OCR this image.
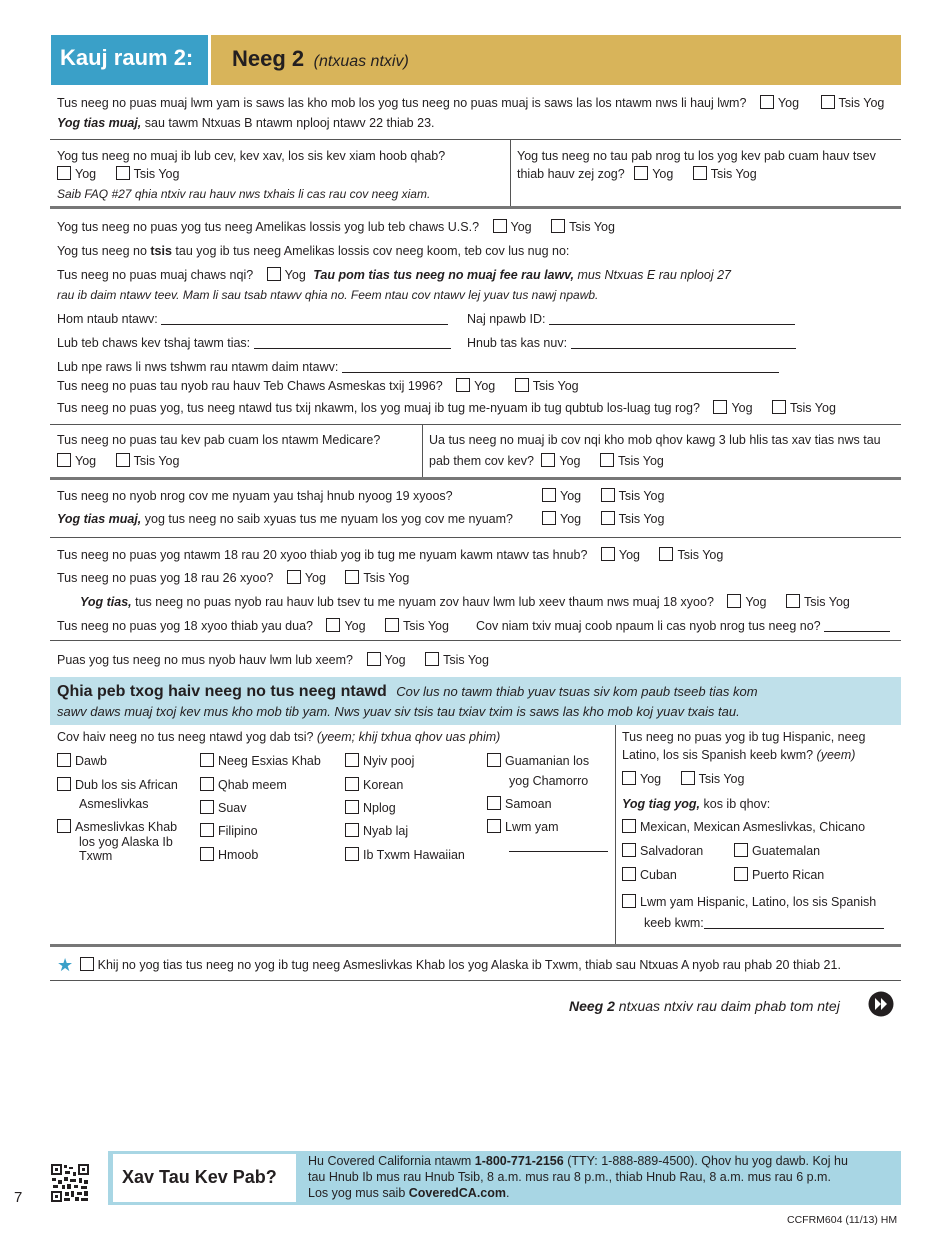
Kauj raum 2: Neeg 2 (ntxuas ntxiv)
Tus neeg no puas muaj lwm yam is saws las kho mob los yog tus neeg no puas muaj is saws las los ntawm nws li hauj lwm?	Yog	Tsis Yog
Yog tias muaj, sau tawm Ntxuas B ntawm nplooj ntawv 22 thiab 23.
Yog tus neeg no muaj ib lub cev, kev xav, los sis kev xiam hoob qhab?
Yog	Tsis Yog
Saib FAQ #27 qhia ntxiv rau hauv nws txhais li cas rau cov neeg xiam.
Yog tus neeg no tau pab nrog tu los yog kev pab cuam hauv tsev
thiab hauv zej zog? Yog	Tsis Yog
Yog tus neeg no puas yog tus neeg Amelikas lossis yog lub teb chaws U.S.?	Yog	Tsis Yog
Yog tus neeg no tsis tau yog ib tus neeg Amelikas lossis cov neeg koom, teb cov lus nug no:
Tus neeg no puas muaj chaws nqi?	Yog Tau pom tias tus neeg no muaj fee rau lawv, mus Ntxuas E rau nplooj 27
rau ib daim ntawv teev. Mam li sau tsab ntawv qhia no. Feem ntau cov ntawv lej yuav tus nawj npawb.
Hom ntaub ntawv:	Naj npawb ID:
Lub teb chaws kev tshaj tawm tias:	Hnub tas kas nuv:
Lub npe raws li nws tshwm rau ntawm daim ntawv:
Tus neeg no puas tau nyob rau hauv Teb Chaws Asmeskas txij 1996?	Yog	Tsis Yog
Tus neeg no puas yog, tus neeg ntawd tus txij nkawm, los yog muaj ib tug me-nyuam ib tug qubtub los-luag tug rog?	Yog	Tsis Yog
Tus neeg no puas tau kev pab cuam los ntawm Medicare?
Yog	Tsis Yog
Ua tus neeg no muaj ib cov nqi kho mob qhov kawg 3 lub hlis tas xav tias nws tau
pab them cov kev? Yog	Tsis Yog
Tus neeg no nyob nrog cov me nyuam yau tshaj hnub nyoog 19 xyoos?	Yog	Tsis Yog
Yog tias muaj, yog tus neeg no saib xyuas tus me nyuam los yog cov me nyuam?	Yog	Tsis Yog
Tus neeg no puas yog ntawm 18 rau 20 xyoo thiab yog ib tug me nyuam kawm ntawv tas hnub?	Yog	Tsis Yog
Tus neeg no puas yog 18 rau 26 xyoo?	Yog	Tsis Yog
Yog tias, tus neeg no puas nyob rau hauv lub tsev tu me nyuam zov hauv lwm lub xeev thaum nws muaj 18 xyoo?	Yog	Tsis Yog
Tus neeg no puas yog 18 xyoo thiab yau dua?	Yog	Tsis Yog Cov niam txiv muaj coob npaum li cas nyob nrog tus neeg no?
Puas yog tus neeg no mus nyob hauv lwm lub xeem?	Yog	Tsis Yog
Qhia peb txog haiv neeg no tus neeg ntawd Cov lus no tawm thiab yuav tsuas siv kom paub tseeb tias kom
sawv daws muaj txoj kev mus kho mob tib yam. Nws yuav siv tsis tau txiav txim is saws las kho mob koj yuav txais tau.
Cov haiv neeg no tus neeg ntawd yog dab tsi? (yeem; khij txhua qhov uas phim)
Dawb
Dub los sis African
Asmeslivkas
Asmeslivkas Khab
los yog Alaska Ib
Txwm
Neeg Esxias Khab
Qhab meem
Suav
Filipino
Hmoob
Nyiv pooj
Korean
Nplog
Nyab laj
Ib Txwm Hawaiian
Guamanian los
yog Chamorro
Samoan
Lwm yam
Tus neeg no puas yog ib tug Hispanic, neeg
Latino, los sis Spanish keeb kwm? (yeem)
Yog	Tsis Yog
Yog tiag yog, kos ib qhov:
Mexican, Mexican Asmeslivkas, Chicano
Salvadoran	Guatemalan
Cuban	Puerto Rican
Lwm yam Hispanic, Latino, los sis Spanish
keeb kwm:
★ Khij no yog tias tus neeg no yog ib tug neeg Asmeslivkas Khab los yog Alaska ib Txwm, thiab sau Ntxuas A nyob rau phab 20 thiab 21.
Neeg 2 ntxuas ntxiv rau daim phab tom ntej
7
Xav Tau Kev Pab?
Hu Covered California ntawm 1-800-771-2156 (TTY: 1-888-889-4500). Qhov hu yog dawb. Koj hu
tau Hnub Ib mus rau Hnub Tsib, 8 a.m. mus rau 8 p.m., thiab Hnub Rau, 8 a.m. mus rau 6 p.m.
Los yog mus saib CoveredCA.com.
CCFRM604 (11/13) HM
